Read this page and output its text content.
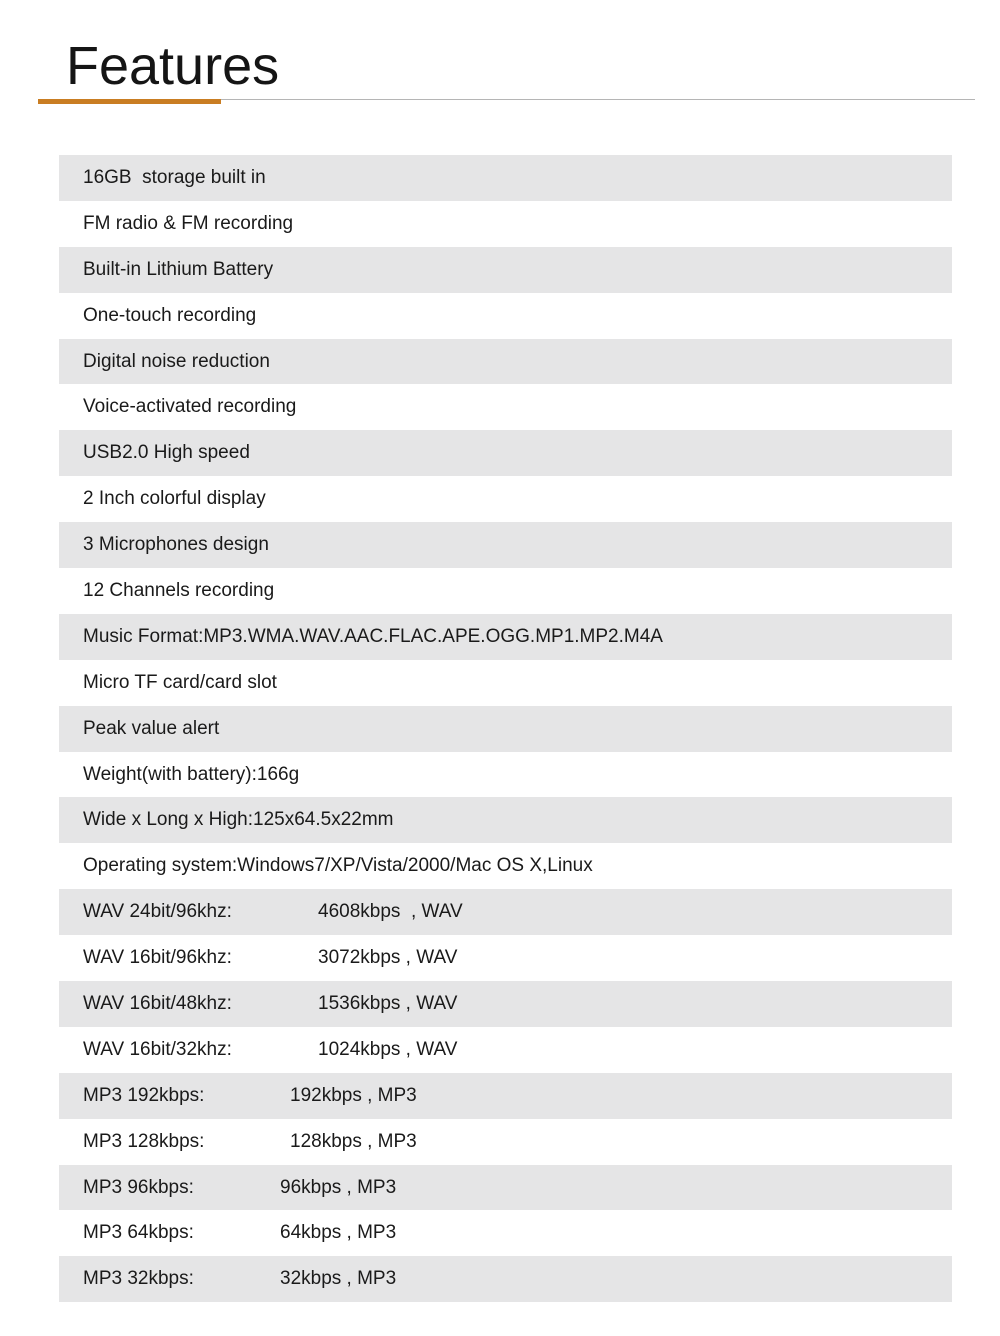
Features
16GB  storage built in
FM radio & FM recording
Built-in Lithium Battery
One-touch recording
Digital noise reduction
Voice-activated recording
USB2.0 High speed
2 Inch colorful display
3 Microphones design
12 Channels recording
Music Format:MP3.WMA.WAV.AAC.FLAC.APE.OGG.MP1.MP2.M4A
Micro TF card/card slot
Peak value alert
Weight(with battery):166g
Wide x Long x High:125x64.5x22mm
Operating system:Windows7/XP/Vista/2000/Mac OS X,Linux
WAV 24bit/96khz:	4608kbps  , WAV
WAV 16bit/96khz:	3072kbps , WAV
WAV 16bit/48khz:	1536kbps , WAV
WAV 16bit/32khz:	1024kbps , WAV
MP3 192kbps:	192kbps , MP3
MP3 128kbps:	128kbps , MP3
MP3 96kbps:	96kbps , MP3
MP3 64kbps:	64kbps , MP3
MP3 32kbps:	32kbps , MP3
